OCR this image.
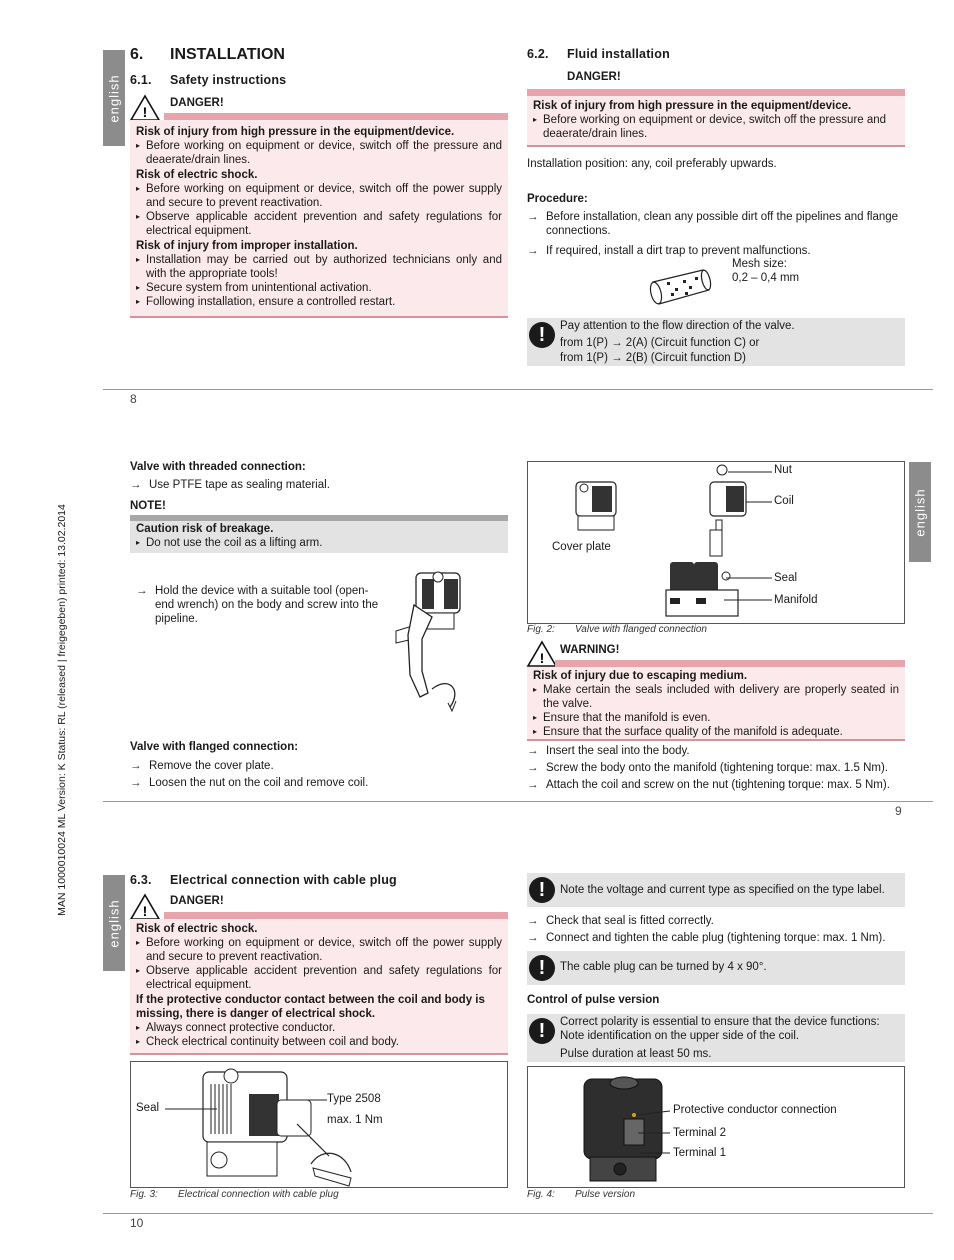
MAN 1000010024 ML Version: K Status: RL (released | freigegeben) printed: 13.02.2014
english
6. INSTALLATION
6.1. Safety instructions
!
DANGER!
Risk of injury from high pressure in the equipment/device.
▸ Before working on equipment or device, switch off the pressure and deaerate/drain lines.
Risk of electric shock.
▸ Before working on equipment or device, switch off the power supply and secure to prevent reactivation.
▸ Observe applicable accident prevention and safety regulations for electrical equipment.
Risk of injury from improper installation.
▸ Installation may be carried out by authorized technicians only and with the appropriate tools!
▸ Secure system from unintentional activation.
▸ Following installation, ensure a controlled restart.
6.2. Fluid installation
DANGER!
Risk of injury from high pressure in the equipment/device.
▸ Before working on equipment or device, switch off the pressure and deaerate/drain lines.
Installation position: any, coil preferably upwards.
Procedure:
→ Before installation, clean any possible dirt off the pipelines and flange connections.
→ If required, install a dirt trap to prevent malfunctions.
Mesh size:
0,2 – 0,4 mm
!	Pay attention to the flow direction of the valve.
from 1(P) → 2(A) (Circuit function C) or
from 1(P) → 2(B) (Circuit function D)
8
Valve with threaded connection:
→ Use PTFE tape as sealing material.
NOTE!
Caution risk of breakage.
▸ Do not use the coil as a lifting arm.
→ Hold the device with a suitable tool (open-end wrench) on the body and screw into the pipeline.
Valve with flanged connection:
→ Remove the cover plate.
→ Loosen the nut on the coil and remove coil.
Nut
Coil
Cover plate
Seal
Manifold
Fig. 2: Valve with flanged connection
! WARNING!
Risk of injury due to escaping medium.
▸ Make certain the seals included with delivery are properly seated in the valve.
▸ Ensure that the manifold is even.
▸ Ensure that the surface quality of the manifold is adequate.
→ Insert the seal into the body.
→ Screw the body onto the manifold (tightening torque: max. 1.5 Nm).
→ Attach the coil and screw on the nut (tightening torque: max. 5 Nm).
english
9
english
6.3. Electrical connection with cable plug
!
DANGER!
Risk of electric shock.
▸ Before working on equipment or device, switch off the power supply and secure to prevent reactivation.
▸ Observe applicable accident prevention and safety regulations for electrical equipment.
If the protective conductor contact between the coil and body is missing, there is danger of electrical shock.
▸ Always connect protective conductor.
▸ Check electrical continuity between coil and body.
Seal
Type 2508
max. 1 Nm
Fig. 3: Electrical connection with cable plug
!	Note the voltage and current type as specified on the type label.
→ Check that seal is fitted correctly.
→ Connect and tighten the cable plug (tightening torque: max. 1 Nm).
!	The cable plug can be turned by 4 x 90°.
Control of pulse version
!	Correct polarity is essential to ensure that the device functions: Note identification on the upper side of the coil.
Pulse duration at least 50 ms.
Protective conductor connection
Terminal 2
Terminal 1
Fig. 4: Pulse version
10
